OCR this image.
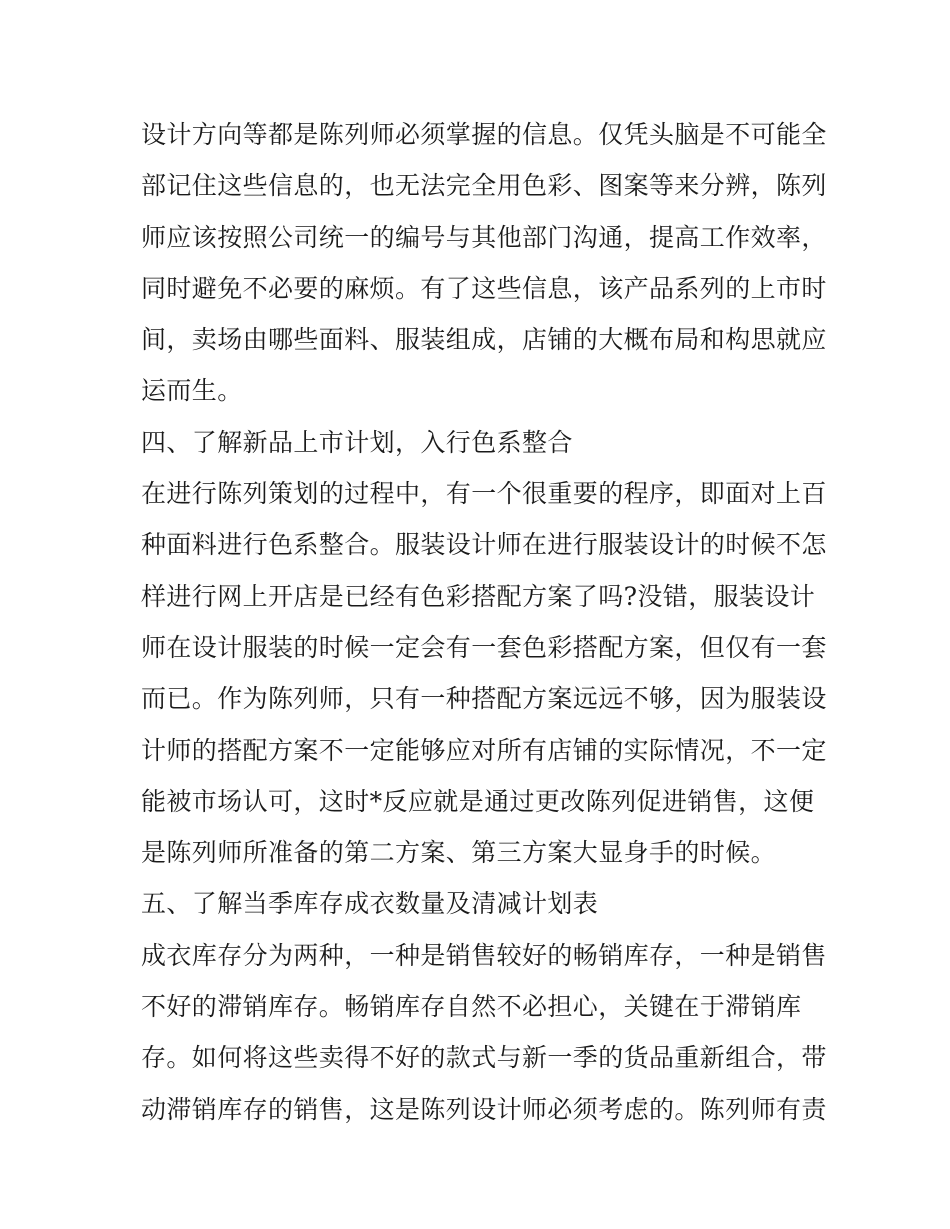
设计方向等都是陈列师必须掌握的信息。仅凭头脑是不可能全
部记住这些信息的，也无法完全用色彩、图案等来分辨，陈列
师应该按照公司统一的编号与其他部门沟通，提高工作效率，
同时避免不必要的麻烦。有了这些信息，该产品系列的上市时
间，卖场由哪些面料、服装组成，店铺的大概布局和构思就应
运而生。
四、了解新品上市计划，入行色系整合
在进行陈列策划的过程中，有一个很重要的程序，即面对上百
种面料进行色系整合。服装设计师在进行服装设计的时候不怎
样进行网上开店是已经有色彩搭配方案了吗?没错，服装设计
师在设计服装的时候一定会有一套色彩搭配方案，但仅有一套
而已。作为陈列师，只有一种搭配方案远远不够，因为服装设
计师的搭配方案不一定能够应对所有店铺的实际情况，不一定
能被市场认可，这时*反应就是通过更改陈列促进销售，这便
是陈列师所准备的第二方案、第三方案大显身手的时候。
五、了解当季库存成衣数量及清减计划表
成衣库存分为两种，一种是销售较好的畅销库存，一种是销售
不好的滞销库存。畅销库存自然不必担心，关键在于滞销库
存。如何将这些卖得不好的款式与新一季的货品重新组合，带
动滞销库存的销售，这是陈列设计师必须考虑的。陈列师有责
